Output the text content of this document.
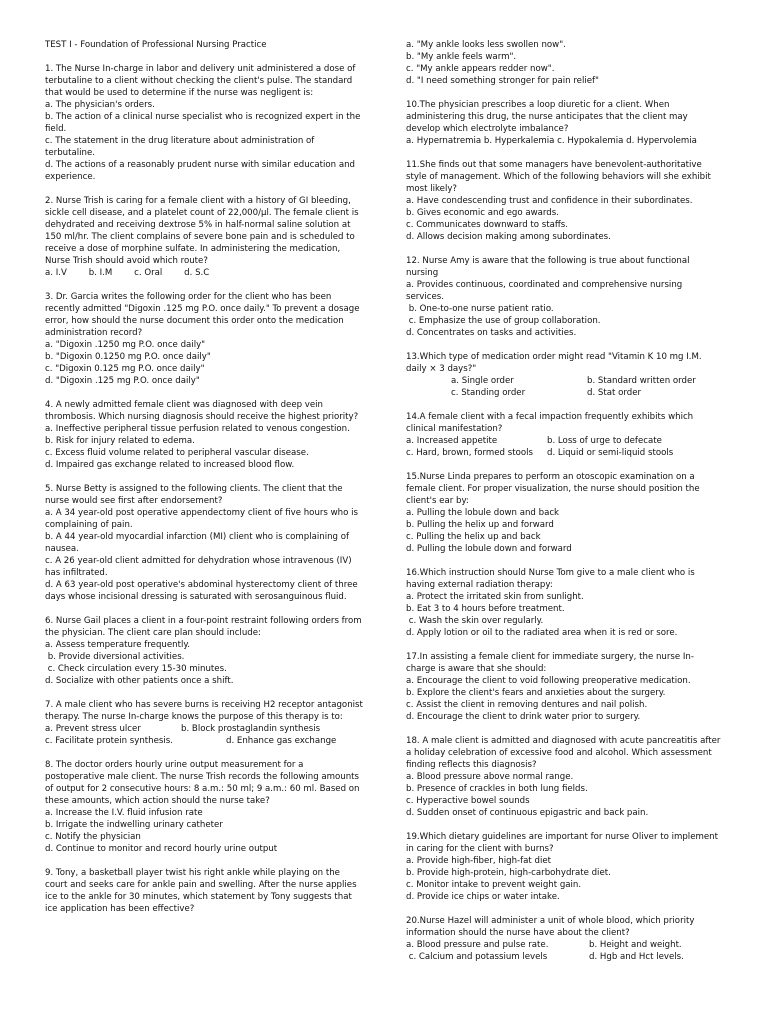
TEST I - Foundation of Professional Nursing Practice
1. The Nurse In-charge in labor and delivery unit administered a dose of terbutaline to a client without checking the client's pulse. The standard that would be used to determine if the nurse was negligent is:
a. The physician's orders.
b. The action of a clinical nurse specialist who is recognized expert in the field.
c. The statement in the drug literature about administration of terbutaline.
d. The actions of a reasonably prudent nurse with similar education and experience.
2. Nurse Trish is caring for a female client with a history of GI bleeding, sickle cell disease, and a platelet count of 22,000/µl. The female client is dehydrated and receiving dextrose 5% in half-normal saline solution at 150 ml/hr. The client complains of severe bone pain and is scheduled to receive a dose of morphine sulfate. In administering the medication, Nurse Trish should avoid which route?
a. I.V        b. I.M        c. Oral        d. S.C
3. Dr. Garcia writes the following order for the client who has been recently admitted "Digoxin .125 mg P.O. once daily." To prevent a dosage error, how should the nurse document this order onto the medication administration record?
a. "Digoxin .1250 mg P.O. once daily"
b. "Digoxin 0.1250 mg P.O. once daily"
c. "Digoxin 0.125 mg P.O. once daily"
d. "Digoxin .125 mg P.O. once daily"
4. A newly admitted female client was diagnosed with deep vein thrombosis. Which nursing diagnosis should receive the highest priority?
a. Ineffective peripheral tissue perfusion related to venous congestion.
b. Risk for injury related to edema.
c. Excess fluid volume related to peripheral vascular disease.
d. Impaired gas exchange related to increased blood flow.
5. Nurse Betty is assigned to the following clients. The client that the nurse would see first after endorsement?
a. A 34 year-old post operative appendectomy client of five hours who is complaining of pain.
b. A 44 year-old myocardial infarction (MI) client who is complaining of nausea.
c. A 26 year-old client admitted for dehydration whose intravenous (IV) has infiltrated.
d. A 63 year-old post operative's abdominal hysterectomy client of three days whose incisional dressing is saturated with serosanguinous fluid.
6. Nurse Gail places a client in a four-point restraint following orders from the physician. The client care plan should include:
a. Assess temperature frequently.
b. Provide diversional activities.
c. Check circulation every 15-30 minutes.
d. Socialize with other patients once a shift.
7. A male client who has severe burns is receiving H2 receptor antagonist therapy. The nurse In-charge knows the purpose of this therapy is to:
a. Prevent stress ulcer	b. Block prostaglandin synthesis
c. Facilitate protein synthesis.	d. Enhance gas exchange
8. The doctor orders hourly urine output measurement for a postoperative male client. The nurse Trish records the following amounts of output for 2 consecutive hours: 8 a.m.: 50 ml; 9 a.m.: 60 ml. Based on these amounts, which action should the nurse take?
a. Increase the I.V. fluid infusion rate
b. Irrigate the indwelling urinary catheter
c. Notify the physician
d. Continue to monitor and record hourly urine output
9. Tony, a basketball player twist his right ankle while playing on the court and seeks care for ankle pain and swelling. After the nurse applies ice to the ankle for 30 minutes, which statement by Tony suggests that ice application has been effective?
a. "My ankle looks less swollen now".
b. "My ankle feels warm".
c. "My ankle appears redder now".
d. "I need something stronger for pain relief"
10.The physician prescribes a loop diuretic for a client. When administering this drug, the nurse anticipates that the client may develop which electrolyte imbalance?
a. Hypernatremia b. Hyperkalemia c. Hypokalemia d. Hypervolemia
11.She finds out that some managers have benevolent-authoritative style of management. Which of the following behaviors will she exhibit most likely?
a. Have condescending trust and confidence in their subordinates.
b. Gives economic and ego awards.
c. Communicates downward to staffs.
d. Allows decision making among subordinates.
12. Nurse Amy is aware that the following is true about functional nursing
a. Provides continuous, coordinated and comprehensive nursing services.
b. One-to-one nurse patient ratio.
c. Emphasize the use of group collaboration.
d. Concentrates on tasks and activities.
13.Which type of medication order might read "Vitamin K 10 mg I.M. daily × 3 days?"
a. Single order	b. Standard written order
c. Standing order	d. Stat order
14.A female client with a fecal impaction frequently exhibits which clinical manifestation?
a. Increased appetite	b. Loss of urge to defecate
c. Hard, brown, formed stools d. Liquid or semi-liquid stools
15.Nurse Linda prepares to perform an otoscopic examination on a female client. For proper visualization, the nurse should position the client's ear by:
a. Pulling the lobule down and back
b. Pulling the helix up and forward
c. Pulling the helix up and back
d. Pulling the lobule down and forward
16.Which instruction should Nurse Tom give to a male client who is having external radiation therapy:
a. Protect the irritated skin from sunlight.
b. Eat 3 to 4 hours before treatment.
c. Wash the skin over regularly.
d. Apply lotion or oil to the radiated area when it is red or sore.
17.In assisting a female client for immediate surgery, the nurse In-charge is aware that she should:
a. Encourage the client to void following preoperative medication.
b. Explore the client's fears and anxieties about the surgery.
c. Assist the client in removing dentures and nail polish.
d. Encourage the client to drink water prior to surgery.
18. A male client is admitted and diagnosed with acute pancreatitis after a holiday celebration of excessive food and alcohol. Which assessment finding reflects this diagnosis?
a. Blood pressure above normal range.
b. Presence of crackles in both lung fields.
c. Hyperactive bowel sounds
d. Sudden onset of continuous epigastric and back pain.
19.Which dietary guidelines are important for nurse Oliver to implement in caring for the client with burns?
a. Provide high-fiber, high-fat diet
b. Provide high-protein, high-carbohydrate diet.
c. Monitor intake to prevent weight gain.
d. Provide ice chips or water intake.
20.Nurse Hazel will administer a unit of whole blood, which priority information should the nurse have about the client?
a. Blood pressure and pulse rate.	b. Height and weight.
c. Calcium and potassium levels	d. Hgb and Hct levels.
